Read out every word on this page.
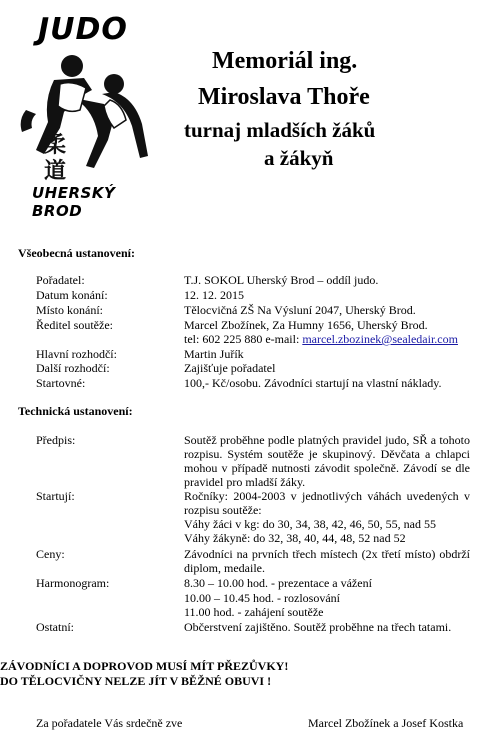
JUDO
柔
道
UHERSKÝ BROD
Memoriál ing.
Miroslava Thoře
turnaj mladších žáků
a žákyň
Všeobecná ustanovení:
Pořadatel:	T.J. SOKOL Uherský Brod – oddíl judo.
Datum konání:	12. 12. 2015
Místo konání:	Tělocvičná ZŠ Na Výsluní 2047, Uherský Brod.
Ředitel soutěže:	Marcel Zbožínek, Za Humny 1656, Uherský Brod.
tel: 602 225 880 e-mail: marcel.zbozinek@sealedair.com
Hlavní rozhodčí:	Martin Juřík
Další rozhodčí:	Zajišťuje pořadatel
Startovné:	100,- Kč/osobu. Závodníci startují na vlastní náklady.
Technická ustanovení:
Předpis:	Soutěž proběhne podle platných pravidel judo, SŘ a tohoto rozpisu. Systém soutěže je skupinový. Děvčata a chlapci mohou v případě nutnosti závodit společně. Závodí se dle pravidel pro mladší žáky.
Startují:	Ročníky: 2004-2003 v jednotlivých váhách uvedených v rozpisu soutěže:
Váhy žáci v kg: do 30, 34, 38, 42, 46, 50, 55, nad 55
Váhy žákyně: do 32, 38, 40, 44, 48, 52 nad 52
Ceny:	Závodníci na prvních třech místech (2x třetí místo) obdrží diplom, medaile.
Harmonogram:	8.30 – 10.00 hod. - prezentace a vážení
10.00 – 10.45 hod. - rozlosování
11.00 hod. - zahájení soutěže
Ostatní:	Občerstvení zajištěno. Soutěž proběhne na třech tatami.
ZÁVODNÍCI A DOPROVOD MUSÍ MÍT PŘEZŮVKY!
DO TĚLOCVIČNY NELZE JÍT V BĚŽNÉ OBUVI !
Za pořadatele Vás srdečně zve	Marcel Zbožínek a Josef Kostka
